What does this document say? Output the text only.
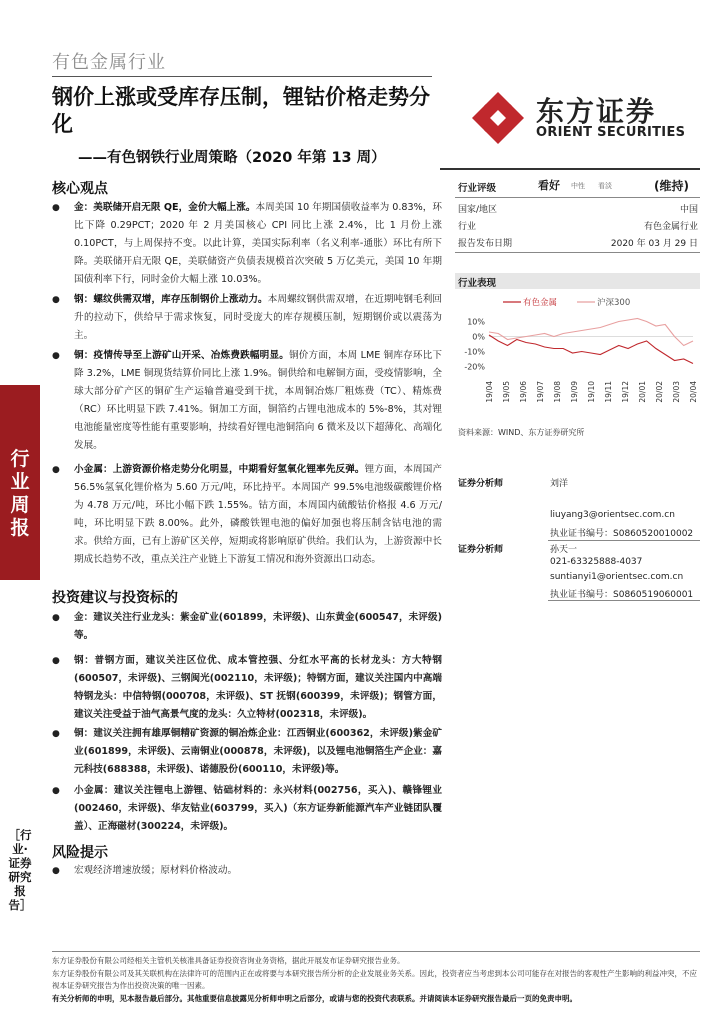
有色金属行业
钢价上涨或受库存压制，锂钴价格走势分化
——有色钢铁行业周策略（2020 年第 13 周）
东方证券
ORIENT SECURITIES
行业周报
［行业·证券研究报告］
核心观点
● 金：美联储开启无限 QE，金价大幅上涨。本周美国 10 年期国债收益率为 0.83%，环比下降 0.29PCT；2020 年 2 月美国核心 CPI 同比上涨 2.4%，比 1 月份上涨 0.10PCT，与上周保持不变。以此计算，美国实际利率（名义利率-通胀）环比有所下降。美联储开启无限 QE，美联储资产负债表规模首次突破 5 万亿美元，美国 10 年期国债利率下行，同时金价大幅上涨 10.03%。
● 钢：螺纹供需双增，库存压制钢价上涨动力。本周螺纹钢供需双增，在近期吨钢毛利回升的拉动下，供给早于需求恢复，同时受庞大的库存规模压制，短期钢价或以震荡为主。
● 铜：疫情传导至上游矿山开采、冶炼费跌幅明显。铜价方面，本周 LME 铜库存环比下降 3.2%，LME 铜现货结算价同比上涨 1.9%。铜供给和电解铜方面，受疫情影响，全球大部分矿产区的铜矿生产运输普遍受到干扰，本周铜冶炼厂粗炼费（TC）、精炼费（RC）环比明显下跌 7.41%。铜加工方面，铜箔约占锂电池成本的 5%-8%，其对锂电池能量密度等性能有重要影响，持续看好锂电池铜箔向 6 微米及以下超薄化、高端化发展。
● 小金属：上游资源价格走势分化明显，中期看好氢氧化锂率先反弹。锂方面，本周国产 56.5%氢氧化锂价格为 5.60 万元/吨，环比持平。本周国产 99.5%电池级碳酸锂价格为 4.78 万元/吨，环比小幅下跌 1.55%。钴方面，本周国内硫酸钴价格报 4.6 万元/吨，环比明显下跌 8.00%。此外，磷酸铁锂电池的偏好加强也将压制含钴电池的需求。供给方面，已有上游矿区关停，短期或将影响原矿供给。我们认为，上游资源中长期成长趋势不改，重点关注产业链上下游复工情况和海外资源出口动态。
投资建议与投资标的
● 金：建议关注行业龙头：紫金矿业(601899，未评级)、山东黄金(600547，未评级)等。
● 钢：普钢方面，建议关注区位优、成本管控强、分红水平高的长材龙头：方大特钢(600507，未评级)、三钢闽光(002110，未评级)；特钢方面，建议关注国内中高端特钢龙头：中信特钢(000708，未评级)、ST 抚钢(600399，未评级)；钢管方面，建议关注受益于油气高景气度的龙头：久立特材(002318，未评级)。
● 铜：建议关注拥有雄厚铜精矿资源的铜冶炼企业：江西铜业(600362，未评级)紫金矿业(601899，未评级)、云南铜业(000878，未评级)，以及锂电池铜箔生产企业：嘉元科技(688388，未评级)、诺德股份(600110，未评级)等。
● 小金属：建议关注锂电上游锂、钴础材料的：永兴材料(002756，买入)、赣锋锂业(002460，未评级)、华友钴业(603799，买入)（东方证券新能源汽车产业链团队覆盖）、正海磁材(300224，未评级)。
风险提示
● 宏观经济增速放缓；原材料价格波动。
行业评级	看好 中性 看淡	(维持)
国家/地区	中国
行业	有色金属行业
报告发布日期	2020 年 03 月 29 日
行业表现
有色金属	沪深300
10%
0%
-10%
-20%
19/04 19/05 19/06 19/07 19/08 19/09 19/10 19/11 19/12 20/01 20/02 20/03 20/04
资料来源：WIND、东方证券研究所
证券分析师	刘洋
liuyang3@orientsec.com.cn
执业证书编号：S0860520010002
证券分析师	孙天一
021-63325888-4037
suntianyi1@orientsec.com.cn
执业证书编号：S0860519060001
东方证券股份有限公司经相关主管机关核准具备证券投资咨询业务资格，据此开展发布证券研究报告业务。
东方证券股份有限公司及其关联机构在法律许可的范围内正在或将要与本研究报告所分析的企业发展业务关系。因此，投资者应当考虑到本公司可能存在对报告的客观性产生影响的利益冲突，不应视本证券研究报告为作出投资决策的唯一因素。
有关分析师的申明，见本报告最后部分。其他重要信息披露见分析师申明之后部分，或请与您的投资代表联系。并请阅读本证券研究报告最后一页的免责申明。
